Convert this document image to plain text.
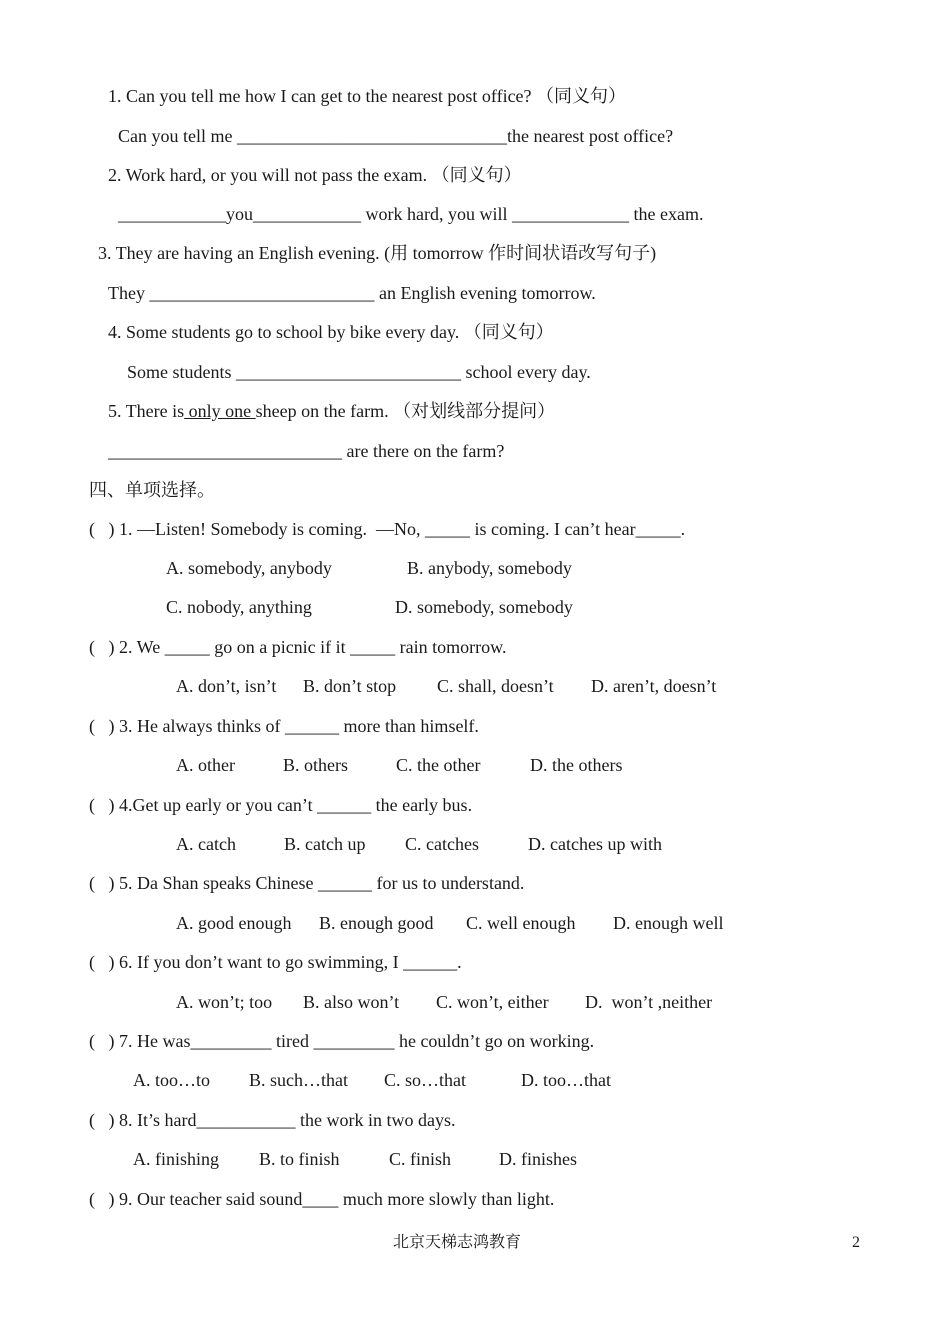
1. Can you tell me how I can get to the nearest post office? （同义句）
Can you tell me ______________________________the nearest post office?
2. Work hard, or you will not pass the exam. （同义句）
____________you____________ work hard, you will _____________ the exam.
3. They are having an English evening. (用 tomorrow 作时间状语改写句子)
They _________________________ an English evening tomorrow.
4. Some students go to school by bike every day. （同义句）
Some students _________________________ school every day.
5. There is only one sheep on the farm. （对划线部分提问）
__________________________ are there on the farm?
四、单项选择。
(   ) 1. —Listen! Somebody is coming.  —No, _____ is coming. I can’t hear_____.
A. somebody, anybody	B. anybody, somebody
C. nobody, anything	D. somebody, somebody
(   ) 2. We _____ go on a picnic if it _____ rain tomorrow.
A. don’t, isn’t B. don’t stop C. shall, doesn’t D. aren’t, doesn’t
(   ) 3. He always thinks of ______ more than himself.
A. other	B. others	C. the other	D. the others
(   ) 4.Get up early or you can’t ______ the early bus.
A. catch	B. catch up C. catches	D. catches up with
(   ) 5. Da Shan speaks Chinese ______ for us to understand.
A. good enough B. enough good C. well enough D. enough well
(   ) 6. If you don’t want to go swimming, I ______.
A. won’t; too B. also won’t C. won’t, either D.  won’t ,neither
(   ) 7. He was_________ tired _________ he couldn’t go on working.
A. too…to B. such…that C. so…that	D. too…that
(   ) 8. It’s hard___________ the work in two days.
A. finishing B. to finish	C. finish	D. finishes
(   ) 9. Our teacher said sound____ much more slowly than light.
北京天梯志鸿教育	2
